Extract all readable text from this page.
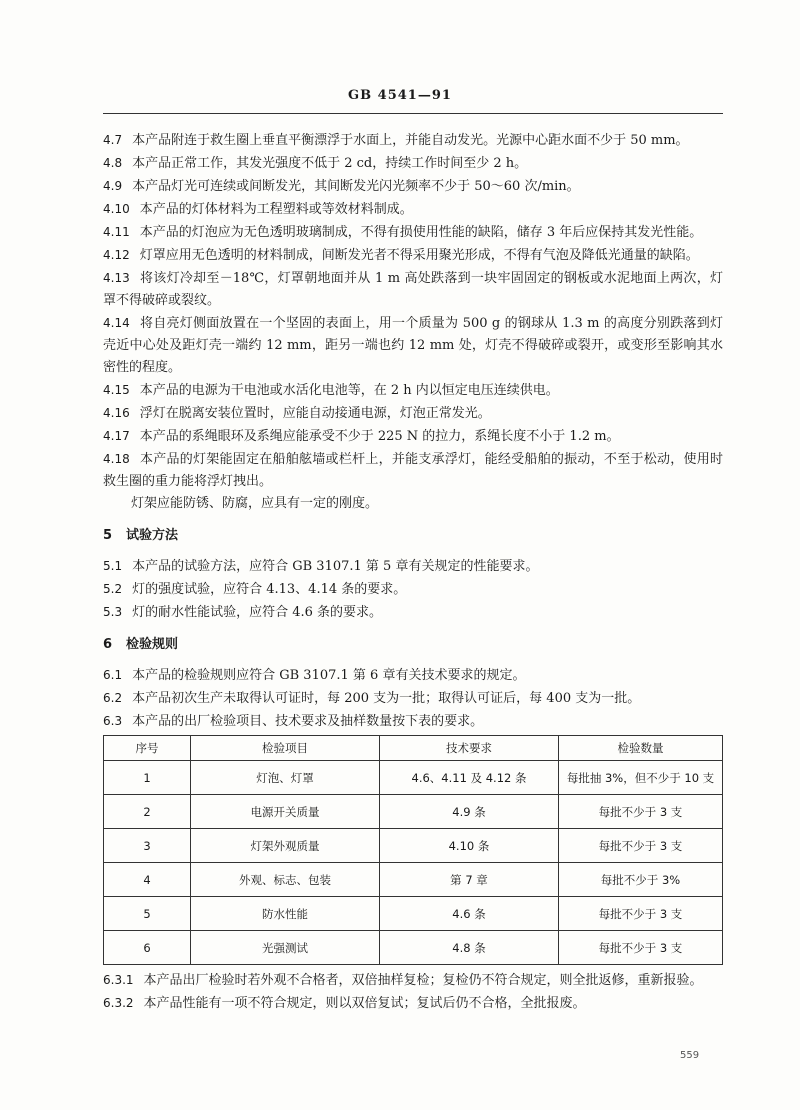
GB 4541—91

4.7 本产品附连于救生圈上垂直平衡漂浮于水面上，并能自动发光。光源中心距水面不少于 50 mm。

4.8 本产品正常工作，其发光强度不低于 2 cd，持续工作时间至少 2 h。

4.9 本产品灯光可连续或间断发光，其间断发光闪光频率不少于 50～60 次/min。

4.10 本产品的灯体材料为工程塑料或等效材料制成。

4.11 本产品的灯泡应为无色透明玻璃制成，不得有损使用性能的缺陷，储存 3 年后应保持其发光性能。

4.12 灯罩应用无色透明的材料制成，间断发光者不得采用聚光形成，不得有气泡及降低光通量的缺陷。

4.13 将该灯冷却至－18℃，灯罩朝地面并从 1 m 高处跌落到一块牢固固定的钢板或水泥地面上两次，灯罩不得破碎或裂纹。

4.14 将自亮灯侧面放置在一个坚固的表面上，用一个质量为 500 g 的钢球从 1.3 m 的高度分别跌落到灯壳近中心处及距灯壳一端约 12 mm，距另一端也约 12 mm 处，灯壳不得破碎或裂开，或变形至影响其水密性的程度。

4.15 本产品的电源为干电池或水活化电池等，在 2 h 内以恒定电压连续供电。

4.16 浮灯在脱离安装位置时，应能自动接通电源，灯泡正常发光。

4.17 本产品的系绳眼环及系绳应能承受不少于 225 N 的拉力，系绳长度不小于 1.2 m。

4.18 本产品的灯架能固定在船舶舷墙或栏杆上，并能支承浮灯，能经受船舶的振动，不至于松动，使用时救生圈的重力能将浮灯拽出。

灯架应能防锈、防腐，应具有一定的刚度。

5 试验方法

5.1 本产品的试验方法，应符合 GB 3107.1 第 5 章有关规定的性能要求。

5.2 灯的强度试验，应符合 4.13、4.14 条的要求。

5.3 灯的耐水性能试验，应符合 4.6 条的要求。

6 检验规则

6.1 本产品的检验规则应符合 GB 3107.1 第 6 章有关技术要求的规定。

6.2 本产品初次生产未取得认可证时，每 200 支为一批；取得认可证后，每 400 支为一批。

6.3 本产品的出厂检验项目、技术要求及抽样数量按下表的要求。

序号	检验项目	技术要求	检验数量
1	灯泡、灯罩	4.6、4.11 及 4.12 条	每批抽 3%，但不少于 10 支
2	电源开关质量	4.9 条	每批不少于 3 支
3	灯架外观质量	4.10 条	每批不少于 3 支
4	外观、标志、包装	第 7 章	每批不少于 3%
5	防水性能	4.6 条	每批不少于 3 支
6	光强测试	4.8 条	每批不少于 3 支

6.3.1 本产品出厂检验时若外观不合格者，双倍抽样复检；复检仍不符合规定，则全批返修，重新报验。

6.3.2 本产品性能有一项不符合规定，则以双倍复试；复试后仍不合格，全批报废。

559
